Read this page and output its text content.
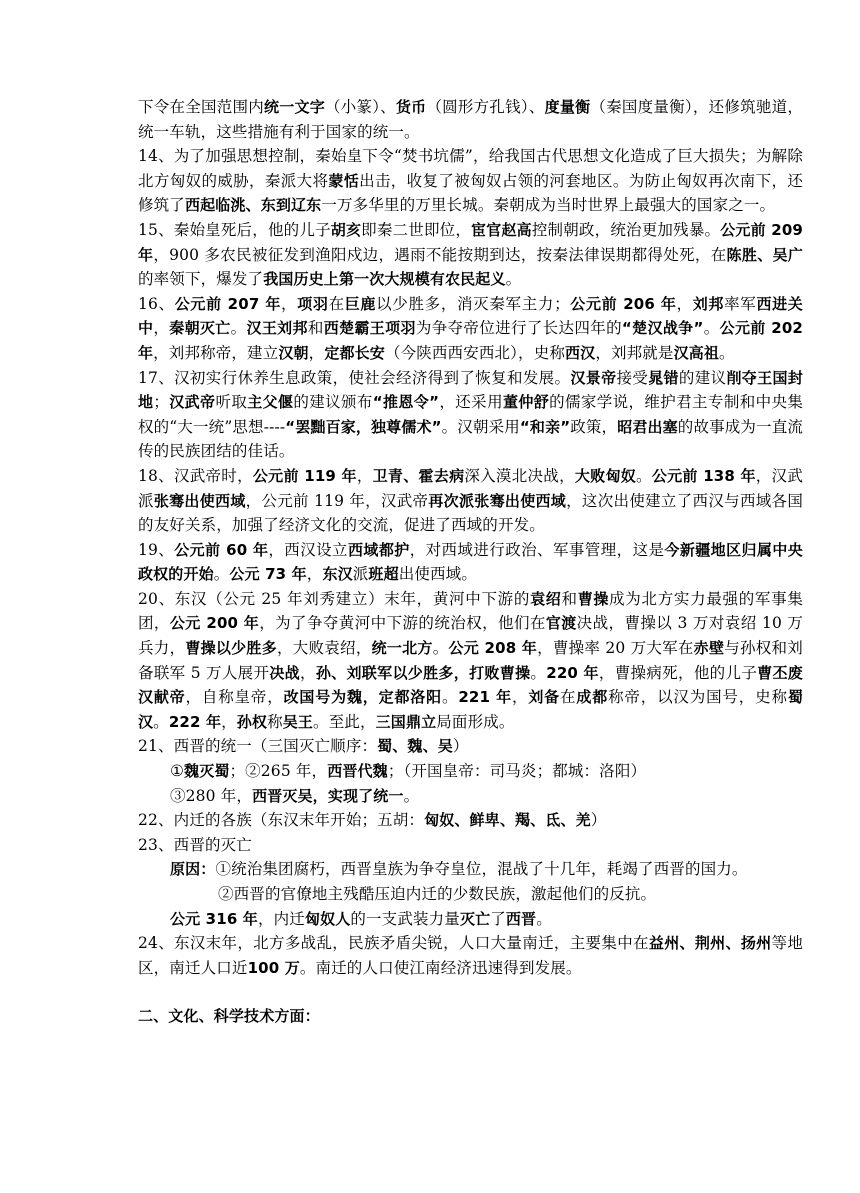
下令在全国范围内统一文字（小篆）、货币（圆形方孔钱）、度量衡（秦国度量衡），还修筑驰道，统一车轨，这些措施有利于国家的统一。

14、为了加强思想控制，秦始皇下令“焚书坑儒”，给我国古代思想文化造成了巨大损失；为解除北方匈奴的威胁，秦派大将蒙恬出击，收复了被匈奴占领的河套地区。为防止匈奴再次南下，还修筑了西起临洮、东到辽东一万多华里的万里长城。秦朝成为当时世界上最强大的国家之一。

15、秦始皇死后，他的儿子胡亥即秦二世即位，宦官赵高控制朝政，统治更加残暴。公元前 209 年，900 多农民被征发到渔阳戍边，遇雨不能按期到达，按秦法律误期都得处死，在陈胜、吴广的率领下，爆发了我国历史上第一次大规模有农民起义。

16、公元前 207 年，项羽在巨鹿以少胜多，消灭秦军主力；公元前 206 年，刘邦率军西进关中，秦朝灭亡。汉王刘邦和西楚霸王项羽为争夺帝位进行了长达四年的“楚汉战争”。公元前 202 年，刘邦称帝，建立汉朝，定都长安（今陕西西安西北），史称西汉，刘邦就是汉高祖。

17、汉初实行休养生息政策，使社会经济得到了恢复和发展。汉景帝接受晁错的建议削夺王国封地；汉武帝听取主父偃的建议颁布“推恩令”，还采用董仲舒的儒家学说，维护君主专制和中央集权的“大一统”思想----“罢黜百家，独尊儒术”。汉朝采用“和亲”政策，昭君出塞的故事成为一直流传的民族团结的佳话。

18、汉武帝时，公元前 119 年，卫青、霍去病深入漠北决战，大败匈奴。公元前 138 年，汉武派张骞出使西域，公元前 119 年，汉武帝再次派张骞出使西域，这次出使建立了西汉与西域各国的友好关系，加强了经济文化的交流，促进了西域的开发。

19、公元前 60 年，西汉设立西域都护，对西域进行政治、军事管理，这是今新疆地区归属中央政权的开始。公元 73 年，东汉派班超出使西域。

20、东汉（公元 25 年刘秀建立）末年，黄河中下游的袁绍和曹操成为北方实力最强的军事集团，公元 200 年，为了争夺黄河中下游的统治权，他们在官渡决战，曹操以 3 万对袁绍 10 万兵力，曹操以少胜多，大败袁绍，统一北方。公元 208 年，曹操率 20 万大军在赤壁与孙权和刘备联军 5 万人展开决战，孙、刘联军以少胜多，打败曹操。220 年，曹操病死，他的儿子曹丕废汉献帝，自称皇帝，改国号为魏，定都洛阳。221 年，刘备在成都称帝，以汉为国号，史称蜀汉。222 年，孙权称吴王。至此，三国鼎立局面形成。

21、西晋的统一（三国灭亡顺序：蜀、魏、吴）

①魏灭蜀；②265 年，西晋代魏；（开国皇帝：司马炎；都城：洛阳）

③280 年，西晋灭吴，实现了统一。

22、内迁的各族（东汉末年开始；五胡：匈奴、鲜卑、羯、氐、羌）

23、西晋的灭亡

原因：①统治集团腐朽，西晋皇族为争夺皇位，混战了十几年，耗竭了西晋的国力。

②西晋的官僚地主残酷压迫内迁的少数民族，激起他们的反抗。

公元 316 年，内迁匈奴人的一支武装力量灭亡了西晋。

24、东汉末年，北方多战乱，民族矛盾尖锐，人口大量南迁，主要集中在益州、荆州、扬州等地区，南迁人口近100 万。南迁的人口使江南经济迅速得到发展。

二、文化、科学技术方面：
